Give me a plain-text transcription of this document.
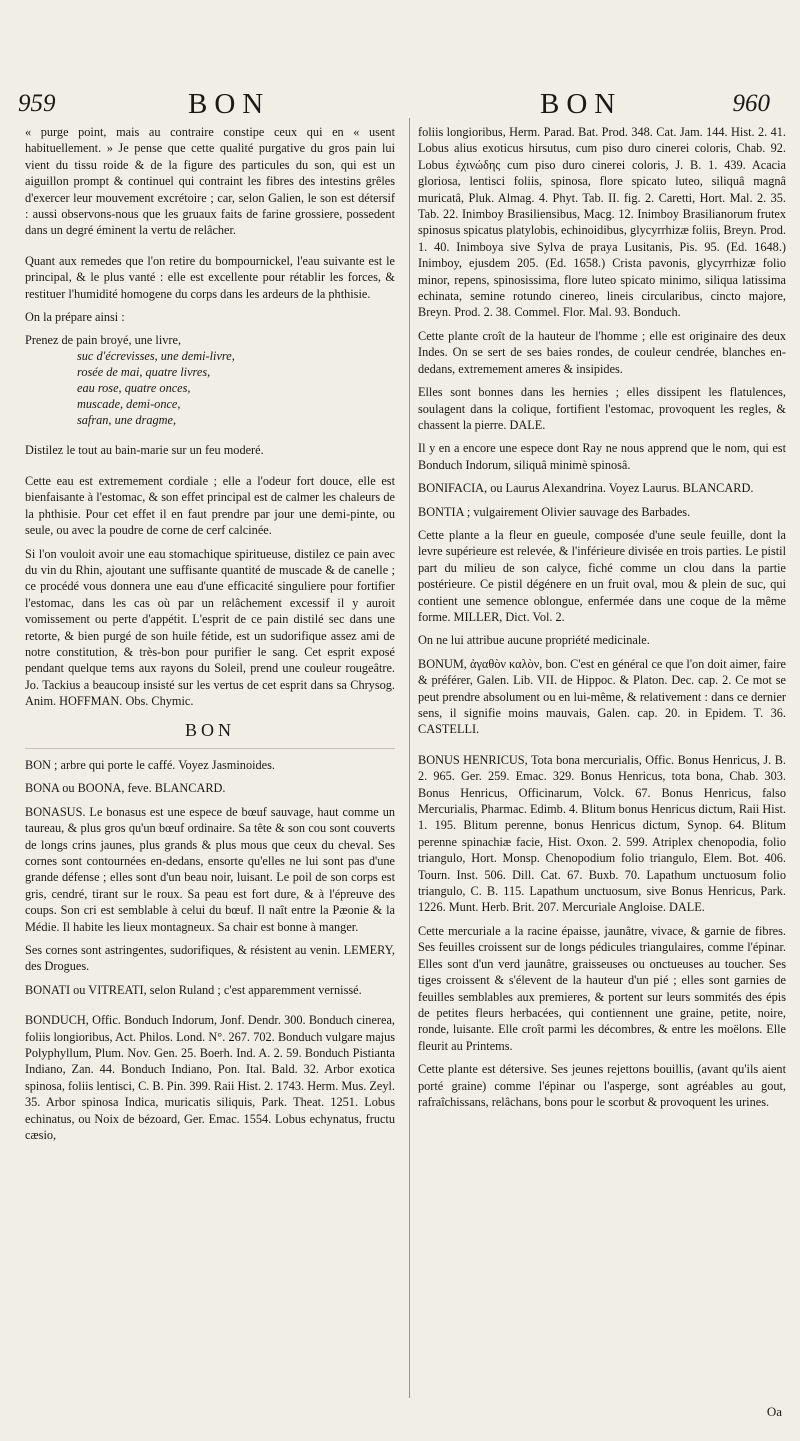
959	BON	BON	960

« purge point, mais au contraire constipe ceux qui en « usent habituellement. » Je pense que cette qualité purgative du gros pain lui vient du tissu roide & de la figure des particules du son, qui est un aiguillon prompt & continuel qui contraint les fibres des intestins grêles d'exercer leur mouvement excrétoire ; car, selon Galien, le son est détersif : aussi observons-nous que les gruaux faits de farine grossiere, possedent dans un degré éminent la vertu de relâcher.

Quant aux remedes que l'on retire du bompournickel, l'eau suivante est le principal, & le plus vanté : elle est excellente pour rétablir les forces, & restituer l'humidité homogene du corps dans les ardeurs de la phthisie.

On la prépare ainsi :

Prenez de pain broyé, une livre,
suc d'écrevisses, une demi-livre,
rosée de mai, quatre livres,
eau rose, quatre onces,
muscade, demi-once,
safran, une dragme,

Distilez le tout au bain-marie sur un feu moderé.

Cette eau est extremement cordiale ; elle a l'odeur fort douce, elle est bienfaisante à l'estomac, & son effet principal est de calmer les chaleurs de la phthisie. Pour cet effet il en faut prendre par jour une demi-pinte, ou seule, ou avec la poudre de corne de cerf calcinée.

Si l'on vouloit avoir une eau stomachique spiritueuse, distilez ce pain avec du vin du Rhin, ajoutant une suffisante quantité de muscade & de canelle ; ce procédé vous donnera une eau d'une efficacité singuliere pour fortifier l'estomac, dans les cas où par un relâchement excessif il y auroit vomissement ou perte d'appétit. L'esprit de ce pain distilé sec dans une retorte, & bien purgé de son huile fétide, est un sudorifique assez ami de notre constitution, & très-bon pour purifier le sang. Cet esprit exposé pendant quelque tems aux rayons du Soleil, prend une couleur rougeâtre. Jo. Tackius a beaucoup insisté sur les vertus de cet esprit dans sa Chrysog. Anim. HOFFMAN. Obs. Chymic.

BON

BON ; arbre qui porte le caffé. Voyez Jasminoides.

BONA ou BOONA, feve. BLANCARD.

BONASUS. Le bonasus est une espece de bœuf sauvage, haut comme un taureau, & plus gros qu'un bœuf ordinaire. Sa tête & son cou sont couverts de longs crins jaunes, plus grands & plus mous que ceux du cheval. Ses cornes sont contournées en-dedans, ensorte qu'elles ne lui sont pas d'une grande défense ; elles sont d'un beau noir, luisant. Le poil de son corps est gris, cendré, tirant sur le roux. Sa peau est fort dure, & à l'épreuve des coups. Son cri est semblable à celui du bœuf. Il naît entre la Pæonie & la Médie. Il habite les lieux montagneux. Sa chair est bonne à manger.

Ses cornes sont astringentes, sudorifiques, & résistent au venin. LEMERY, des Drogues.

BONATI ou VITREATI, selon Ruland ; c'est apparemment vernissé.

BONDUCH, Offic. Bonduch Indorum, Jonf. Dendr. 300. Bonduch cinerea, foliis longioribus, Act. Philos. Lond. N°. 267. 702. Bonduch vulgare majus Polyphyllum, Plum. Nov. Gen. 25. Boerh. Ind. A. 2. 59. Bonduch Pistianta Indiano, Zan. 44. Bonduch Indiano, Pon. Ital. Bald. 32. Arbor exotica spinosa, foliis lentisci, C. B. Pin. 399. Raii Hist. 2. 1743. Herm. Mus. Zeyl. 35. Arbor spinosa Indica, muricatis siliquis, Park. Theat. 1251. Lobus echinatus, ou Noix de bézoard, Ger. Emac. 1554. Lobus echynatus, fructu cæsio,

foliis longioribus, Herm. Parad. Bat. Prod. 348. Cat. Jam. 144. Hist. 2. 41. Lobus alius exoticus hirsutus, cum piso duro cinerei coloris, Chab. 92. Lobus ἐχινώδης cum piso duro cinerei coloris, J. B. 1. 439. Acacia gloriosa, lentisci foliis, spinosa, flore spicato luteo, siliquâ magnâ muricatâ, Pluk. Almag. 4. Phyt. Tab. II. fig. 2. Caretti, Hort. Mal. 2. 35. Tab. 22. Inimboy Brasiliensibus, Macg. 12. Inimboy Brasilianorum frutex spinosus spicatus platylobis, echinoidibus, glycyrrhizæ foliis, Breyn. Prod. 1. 40. Inimboya sive Sylva de praya Lusitanis, Pis. 95. (Ed. 1648.) Inimboy, ejusdem 205. (Ed. 1658.) Crista pavonis, glycyrrhizæ folio minor, repens, spinosissima, flore luteo spicato minimo, siliqua latissima echinata, semine rotundo cinereo, lineis circularibus, cincto majore, Breyn. Prod. 2. 38. Commel. Flor. Mal. 93. Bonduch.

Cette plante croît de la hauteur de l'homme ; elle est originaire des deux Indes. On se sert de ses baies rondes, de couleur cendrée, blanches en-dedans, extremement ameres & insipides.

Elles sont bonnes dans les hernies ; elles dissipent les flatulences, soulagent dans la colique, fortifient l'estomac, provoquent les regles, & chassent la pierre. DALE.

Il y en a encore une espece dont Ray ne nous apprend que le nom, qui est Bonduch Indorum, siliquâ minimè spinosâ.

BONIFACIA, ou Laurus Alexandrina. Voyez Laurus. BLANCARD.

BONTIA ; vulgairement Olivier sauvage des Barbades.

Cette plante a la fleur en gueule, composée d'une seule feuille, dont la levre supérieure est relevée, & l'inférieure divisée en trois parties. Le pistil part du milieu de son calyce, fiché comme un clou dans la partie postérieure. Ce pistil dégénere en un fruit oval, mou & plein de suc, qui contient une semence oblongue, enfermée dans une coque de la même forme. MILLER, Dict. Vol. 2.

On ne lui attribue aucune propriété medicinale.

BONUM, ἀγαθὸν καλὸν, bon. C'est en général ce que l'on doit aimer, faire & préférer, Galen. Lib. VII. de Hippoc. & Platon. Dec. cap. 2. Ce mot se peut prendre absolument ou en lui-même, & relativement : dans ce dernier sens, il signifie moins mauvais, Galen. cap. 20. in Epidem. T. 36. CASTELLI.

BONUS HENRICUS, Tota bona mercurialis, Offic. Bonus Henricus, J. B. 2. 965. Ger. 259. Emac. 329. Bonus Henricus, tota bona, Chab. 303. Bonus Henricus, Officinarum, Volck. 67. Bonus Henricus, falso Mercurialis, Pharmac. Edimb. 4. Blitum bonus Henricus dictum, Raii Hist. 1. 195. Blitum perenne, bonus Henricus dictum, Synop. 64. Blitum perenne spinachiæ facie, Hist. Oxon. 2. 599. Atriplex chenopodia, folio triangulo, Hort. Monsp. Chenopodium folio triangulo, Elem. Bot. 406. Tourn. Inst. 506. Dill. Cat. 67. Buxb. 70. Lapathum unctuosum folio triangulo, C. B. 115. Lapathum unctuosum, sive Bonus Henricus, Park. 1226. Munt. Herb. Brit. 207. Mercuriale Angloise. DALE.

Cette mercuriale a la racine épaisse, jaunâtre, vivace, & garnie de fibres. Ses feuilles croissent sur de longs pédicules triangulaires, comme l'épinar. Elles sont d'un verd jaunâtre, graisseuses ou onctueuses au toucher. Ses tiges croissent & s'élevent de la hauteur d'un pié ; elles sont garnies de feuilles semblables aux premieres, & portent sur leurs sommités des épis de petites fleurs herbacées, qui contiennent une graine, petite, noire, ronde, luisante. Elle croît parmi les décombres, & entre les moëlons. Elle fleurit au Printems.

Cette plante est détersive. Ses jeunes rejettons bouillis, (avant qu'ils aient porté graine) comme l'épinar ou l'asperge, sont agréables au gout, rafraîchissans, relâchans, bons pour le scorbut & provoquent les urines.

Oa
